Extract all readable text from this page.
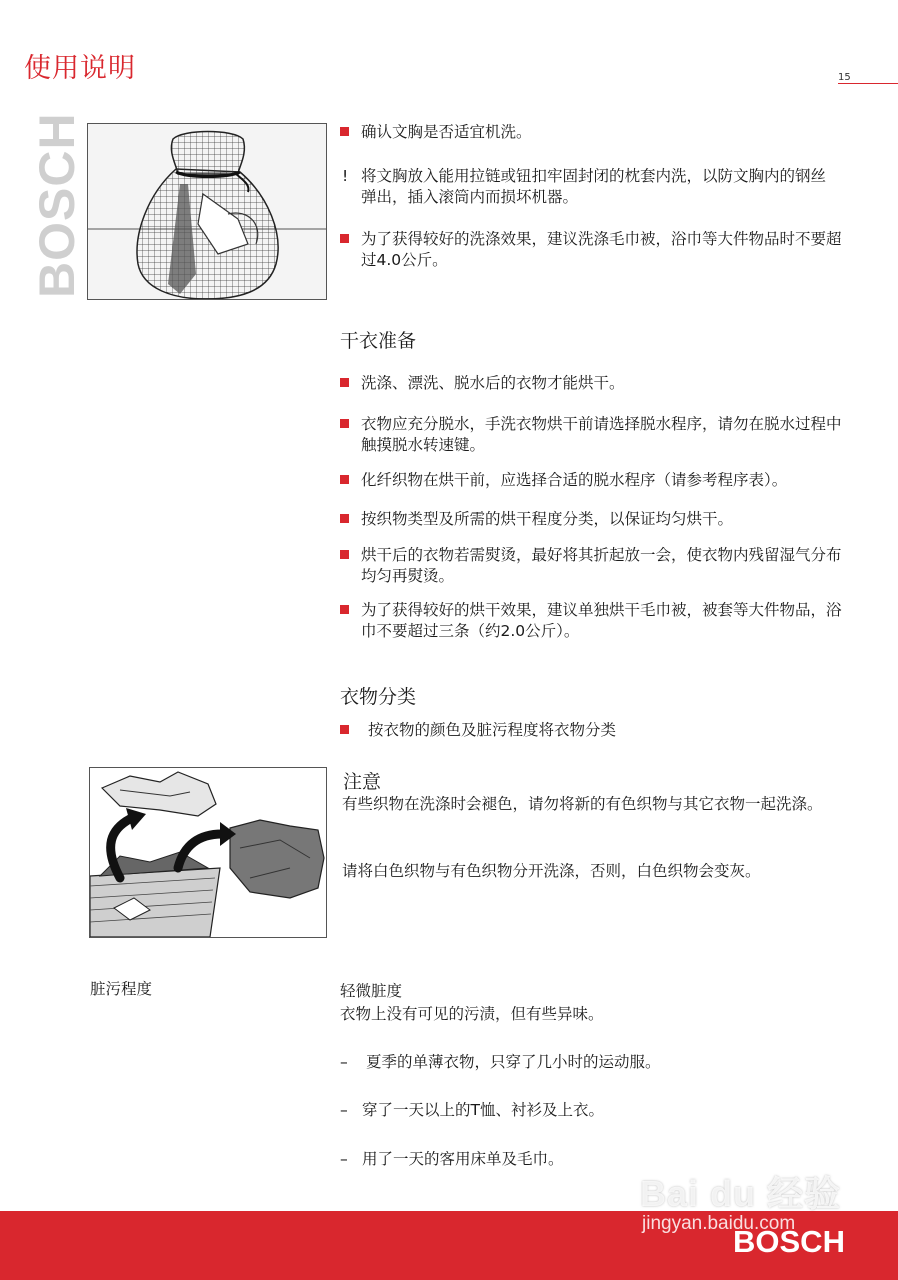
使用说明	15
BOSCH	确认文胸是否适宜机洗。
! 将文胸放入能用拉链或钮扣牢固封闭的枕套内洗，以防文胸内的钢丝弹出，插入滚筒内而损坏机器。
为了获得较好的洗涤效果，建议洗涤毛巾被，浴巾等大件物品时不要超过4.0公斤。
干衣准备
洗涤、漂洗、脱水后的衣物才能烘干。
衣物应充分脱水，手洗衣物烘干前请选择脱水程序，请勿在脱水过程中触摸脱水转速键。
化纤织物在烘干前，应选择合适的脱水程序（请参考程序表）。
按织物类型及所需的烘干程度分类，以保证均匀烘干。
烘干后的衣物若需熨烫，最好将其折起放一会，使衣物内残留湿气分布均匀再熨烫。
为了获得较好的烘干效果，建议单独烘干毛巾被，被套等大件物品，浴巾不要超过三条（约2.0公斤）。
衣物分类
按衣物的颜色及脏污程度将衣物分类
注意
有些织物在洗涤时会褪色，请勿将新的有色织物与其它衣物一起洗涤。
请将白色织物与有色织物分开洗涤，否则，白色织物会变灰。
脏污程度	轻微脏度
衣物上没有可见的污渍，但有些异味。
– 夏季的单薄衣物，只穿了几小时的运动服。
– 穿了一天以上的T恤、衬衫及上衣。
– 用了一天的客用床单及毛巾。
Bai du 经验
jingyan.baidu.com
BOSCH
